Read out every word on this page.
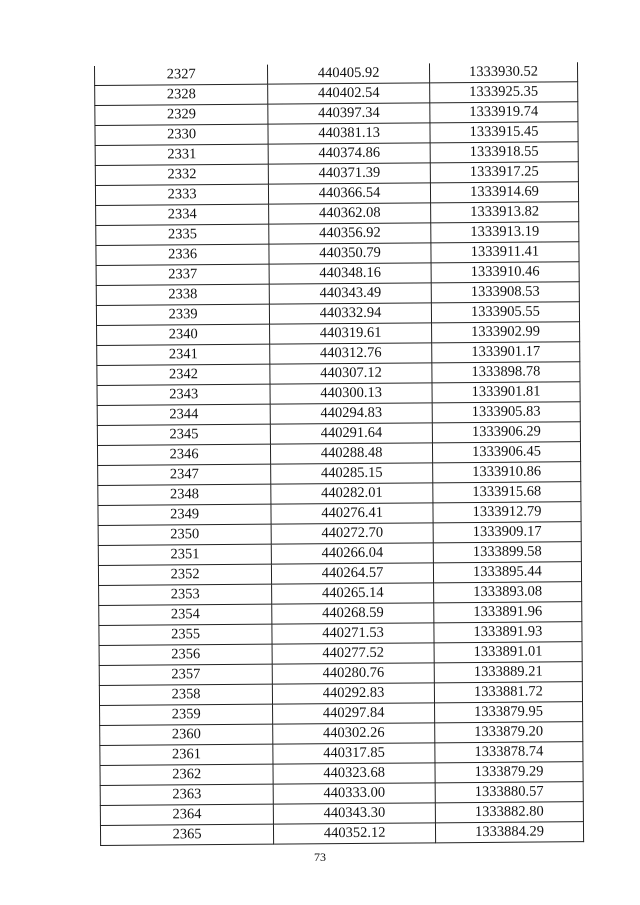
2327	440405.92	1333930.52
2328	440402.54	1333925.35
2329	440397.34	1333919.74
2330	440381.13	1333915.45
2331	440374.86	1333918.55
2332	440371.39	1333917.25
2333	440366.54	1333914.69
2334	440362.08	1333913.82
2335	440356.92	1333913.19
2336	440350.79	1333911.41
2337	440348.16	1333910.46
2338	440343.49	1333908.53
2339	440332.94	1333905.55
2340	440319.61	1333902.99
2341	440312.76	1333901.17
2342	440307.12	1333898.78
2343	440300.13	1333901.81
2344	440294.83	1333905.83
2345	440291.64	1333906.29
2346	440288.48	1333906.45
2347	440285.15	1333910.86
2348	440282.01	1333915.68
2349	440276.41	1333912.79
2350	440272.70	1333909.17
2351	440266.04	1333899.58
2352	440264.57	1333895.44
2353	440265.14	1333893.08
2354	440268.59	1333891.96
2355	440271.53	1333891.93
2356	440277.52	1333891.01
2357	440280.76	1333889.21
2358	440292.83	1333881.72
2359	440297.84	1333879.95
2360	440302.26	1333879.20
2361	440317.85	1333878.74
2362	440323.68	1333879.29
2363	440333.00	1333880.57
2364	440343.30	1333882.80
2365	440352.12	1333884.29
73
